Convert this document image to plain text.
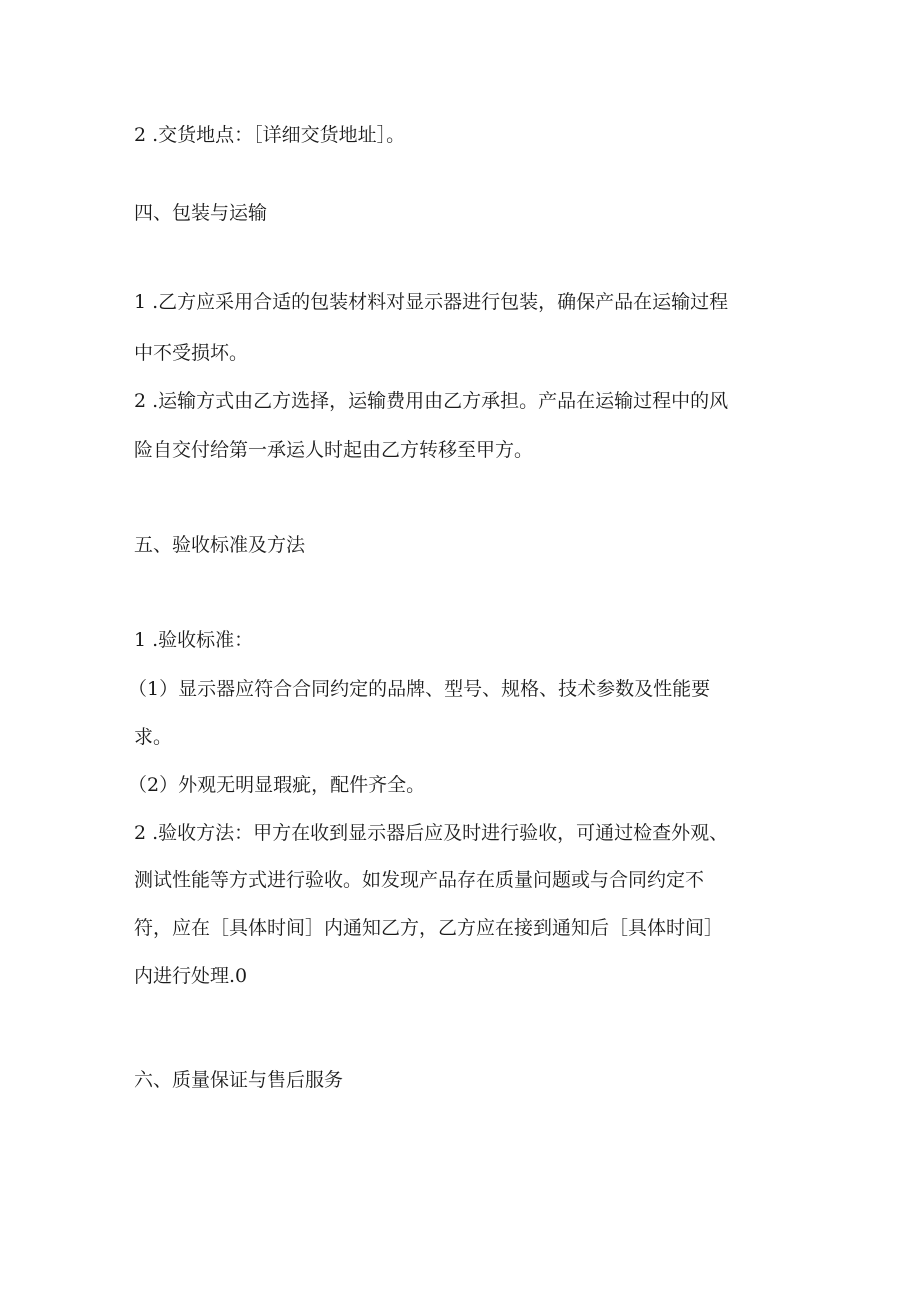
2 .交货地点：［详细交货地址］。

四、包装与运输

1 .乙方应采用合适的包装材料对显示器进行包装，确保产品在运输过程

中不受损坏。

2 .运输方式由乙方选择，运输费用由乙方承担。产品在运输过程中的风

险自交付给第一承运人时起由乙方转移至甲方。

五、验收标准及方法

1 .验收标准：

（1）显示器应符合合同约定的品牌、型号、规格、技术参数及性能要

求。

（2）外观无明显瑕疵，配件齐全。

2 .验收方法：甲方在收到显示器后应及时进行验收，可通过检查外观、

测试性能等方式进行验收。如发现产品存在质量问题或与合同约定不

符，应在［具体时间］内通知乙方，乙方应在接到通知后［具体时间］

内进行处理.0

六、质量保证与售后服务
